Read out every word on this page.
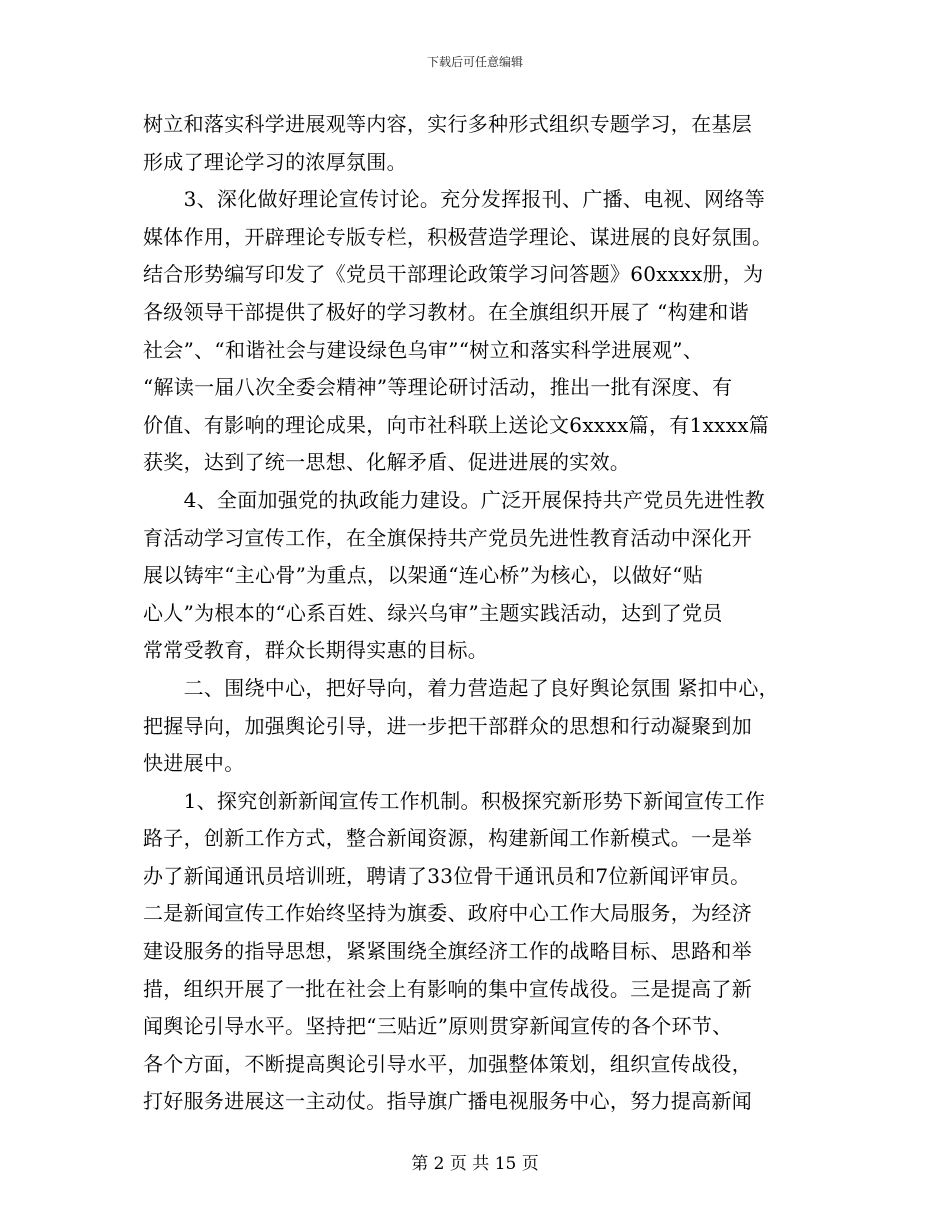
下载后可任意编辑
树立和落实科学进展观等内容，实行多种形式组织专题学习，在基层
形成了理论学习的浓厚氛围。
　　3、深化做好理论宣传讨论。充分发挥报刊、广播、电视、网络等
媒体作用，开辟理论专版专栏，积极营造学理论、谋进展的良好氛围。
结合形势编写印发了《党员干部理论政策学习问答题》60xxxx册，为
各级领导干部提供了极好的学习教材。在全旗组织开展了 “构建和谐
社会”、“和谐社会与建设绿色乌审”“树立和落实科学进展观”、
“解读一届八次全委会精神”等理论研讨活动，推出一批有深度、有
价值、有影响的理论成果，向市社科联上送论文6xxxx篇，有1xxxx篇
获奖，达到了统一思想、化解矛盾、促进进展的实效。
　　4、全面加强党的执政能力建设。广泛开展保持共产党员先进性教
育活动学习宣传工作，在全旗保持共产党员先进性教育活动中深化开
展以铸牢“主心骨”为重点，以架通“连心桥”为核心，以做好“贴
心人”为根本的“心系百姓、绿兴乌审”主题实践活动，达到了党员
常常受教育，群众长期得实惠的目标。
　　二、围绕中心，把好导向，着力营造起了良好舆论氛围 紧扣中心，
把握导向，加强舆论引导，进一步把干部群众的思想和行动凝聚到加
快进展中。
　　1、探究创新新闻宣传工作机制。积极探究新形势下新闻宣传工作
路子，创新工作方式，整合新闻资源，构建新闻工作新模式。一是举
办了新闻通讯员培训班，聘请了33位骨干通讯员和7位新闻评审员。
二是新闻宣传工作始终坚持为旗委、政府中心工作大局服务，为经济
建设服务的指导思想，紧紧围绕全旗经济工作的战略目标、思路和举
措，组织开展了一批在社会上有影响的集中宣传战役。三是提高了新
闻舆论引导水平。坚持把“三贴近”原则贯穿新闻宣传的各个环节、
各个方面，不断提高舆论引导水平，加强整体策划，组织宣传战役，
打好服务进展这一主动仗。指导旗广播电视服务中心，努力提高新闻
第 2 页 共 15 页
